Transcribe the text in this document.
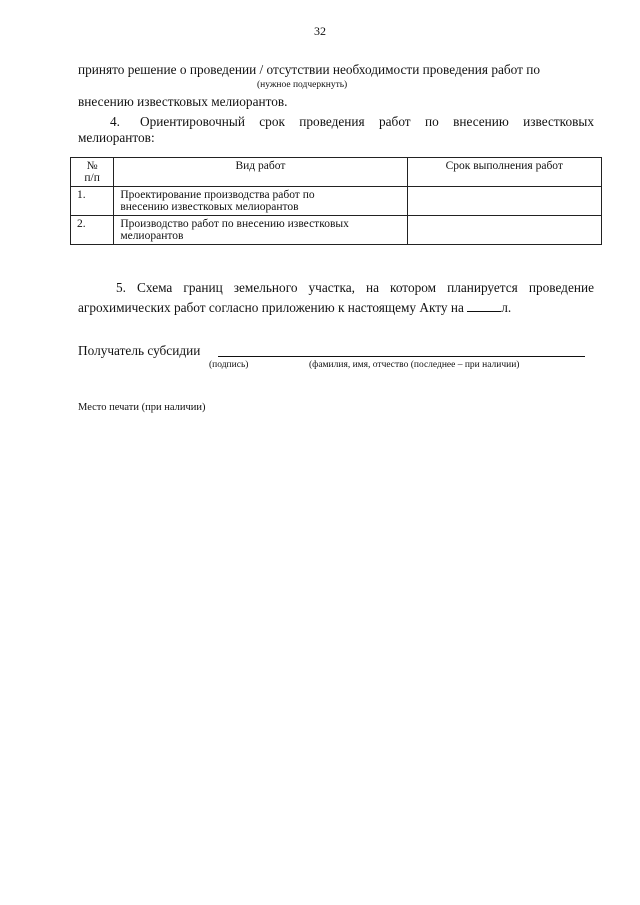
32
принято решение о проведении / отсутствии необходимости проведения работ по
(нужное подчеркнуть)
внесению известковых мелиорантов.
4. Ориентировочный срок проведения работ по внесению известковых
мелиорантов:
№
п/п	Вид работ	Срок выполнения работ
1.	Проектирование производства работ по
внесению известковых мелиорантов	

2.	Производство работ по внесению известковых
мелиорантов	

5. Схема границ земельного участка, на котором планируется проведение
агрохимических работ согласно приложению к настоящему Акту на	л.
Получатель субсидии
(подпись)	(фамилия, имя, отчество (последнее – при наличии)
Место печати (при наличии)
